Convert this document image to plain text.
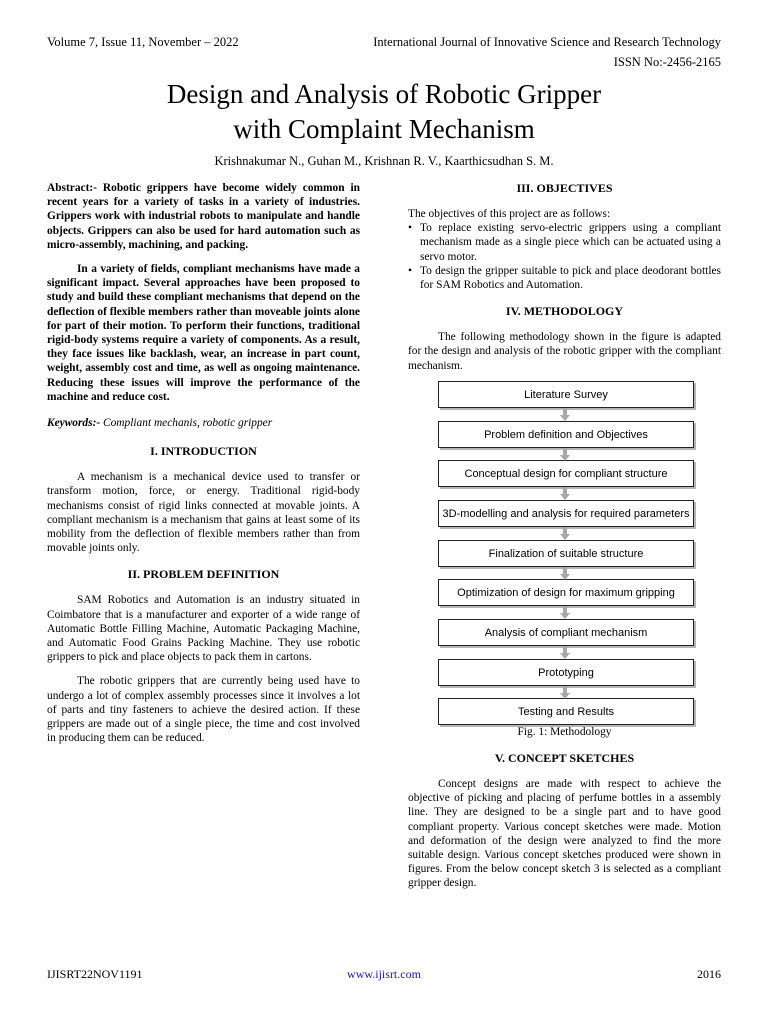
Volume 7, Issue 11, November – 2022	International Journal of Innovative Science and Research Technology
ISSN No:-2456-2165
Design and Analysis of Robotic Gripper
with Complaint Mechanism
Krishnakumar N., Guhan M., Krishnan R. V., Kaarthicsudhan S. M.

Abstract:- Robotic grippers have become widely common in recent years for a variety of tasks in a variety of industries. Grippers work with industrial robots to manipulate and handle objects. Grippers can also be used for hard automation such as micro-assembly, machining, and packing.

In a variety of fields, compliant mechanisms have made a significant impact. Several approaches have been proposed to study and build these compliant mechanisms that depend on the deflection of flexible members rather than moveable joints alone for part of their motion. To perform their functions, traditional rigid-body systems require a variety of components. As a result, they face issues like backlash, wear, an increase in part count, weight, assembly cost and time, as well as ongoing maintenance. Reducing these issues will improve the performance of the machine and reduce cost.

Keywords:- Compliant mechanis, robotic gripper

I. INTRODUCTION

A mechanism is a mechanical device used to transfer or transform motion, force, or energy. Traditional rigid-body mechanisms consist of rigid links connected at movable joints. A compliant mechanism is a mechanism that gains at least some of its mobility from the deflection of flexible members rather than from movable joints only.

II. PROBLEM DEFINITION

SAM Robotics and Automation is an industry situated in Coimbatore that is a manufacturer and exporter of a wide range of Automatic Bottle Filling Machine, Automatic Packaging Machine, and Automatic Food Grains Packing Machine. They use robotic grippers to pick and place objects to pack them in cartons.

The robotic grippers that are currently being used have to undergo a lot of complex assembly processes since it involves a lot of parts and tiny fasteners to achieve the desired action. If these grippers are made out of a single piece, the time and cost involved in producing them can be reduced.

III. OBJECTIVES

The objectives of this project are as follows:

• To replace existing servo-electric grippers using a compliant mechanism made as a single piece which can be actuated using a servo motor.
• To design the gripper suitable to pick and place deodorant bottles for SAM Robotics and Automation.
IV. METHODOLOGY

The following methodology shown in the figure is adapted for the design and analysis of the robotic gripper with the compliant mechanism.

Literature Survey
Problem definition and Objectives
Conceptual design for compliant structure
3D-modelling and analysis for required parameters
Finalization of suitable structure
Optimization of design for maximum gripping
Analysis of compliant mechanism
Prototyping
Testing and Results
Fig. 1: Methodology
V. CONCEPT SKETCHES

Concept designs are made with respect to achieve the objective of picking and placing of perfume bottles in a assembly line. They are designed to be a single part and to have good compliant property. Various concept sketches were made. Motion and deformation of the design were analyzed to find the more suitable design. Various concept sketches produced were shown in figures. From the below concept sketch 3 is selected as a compliant gripper design.

IJISRT22NOV1191	www.ijisrt.com	2016
